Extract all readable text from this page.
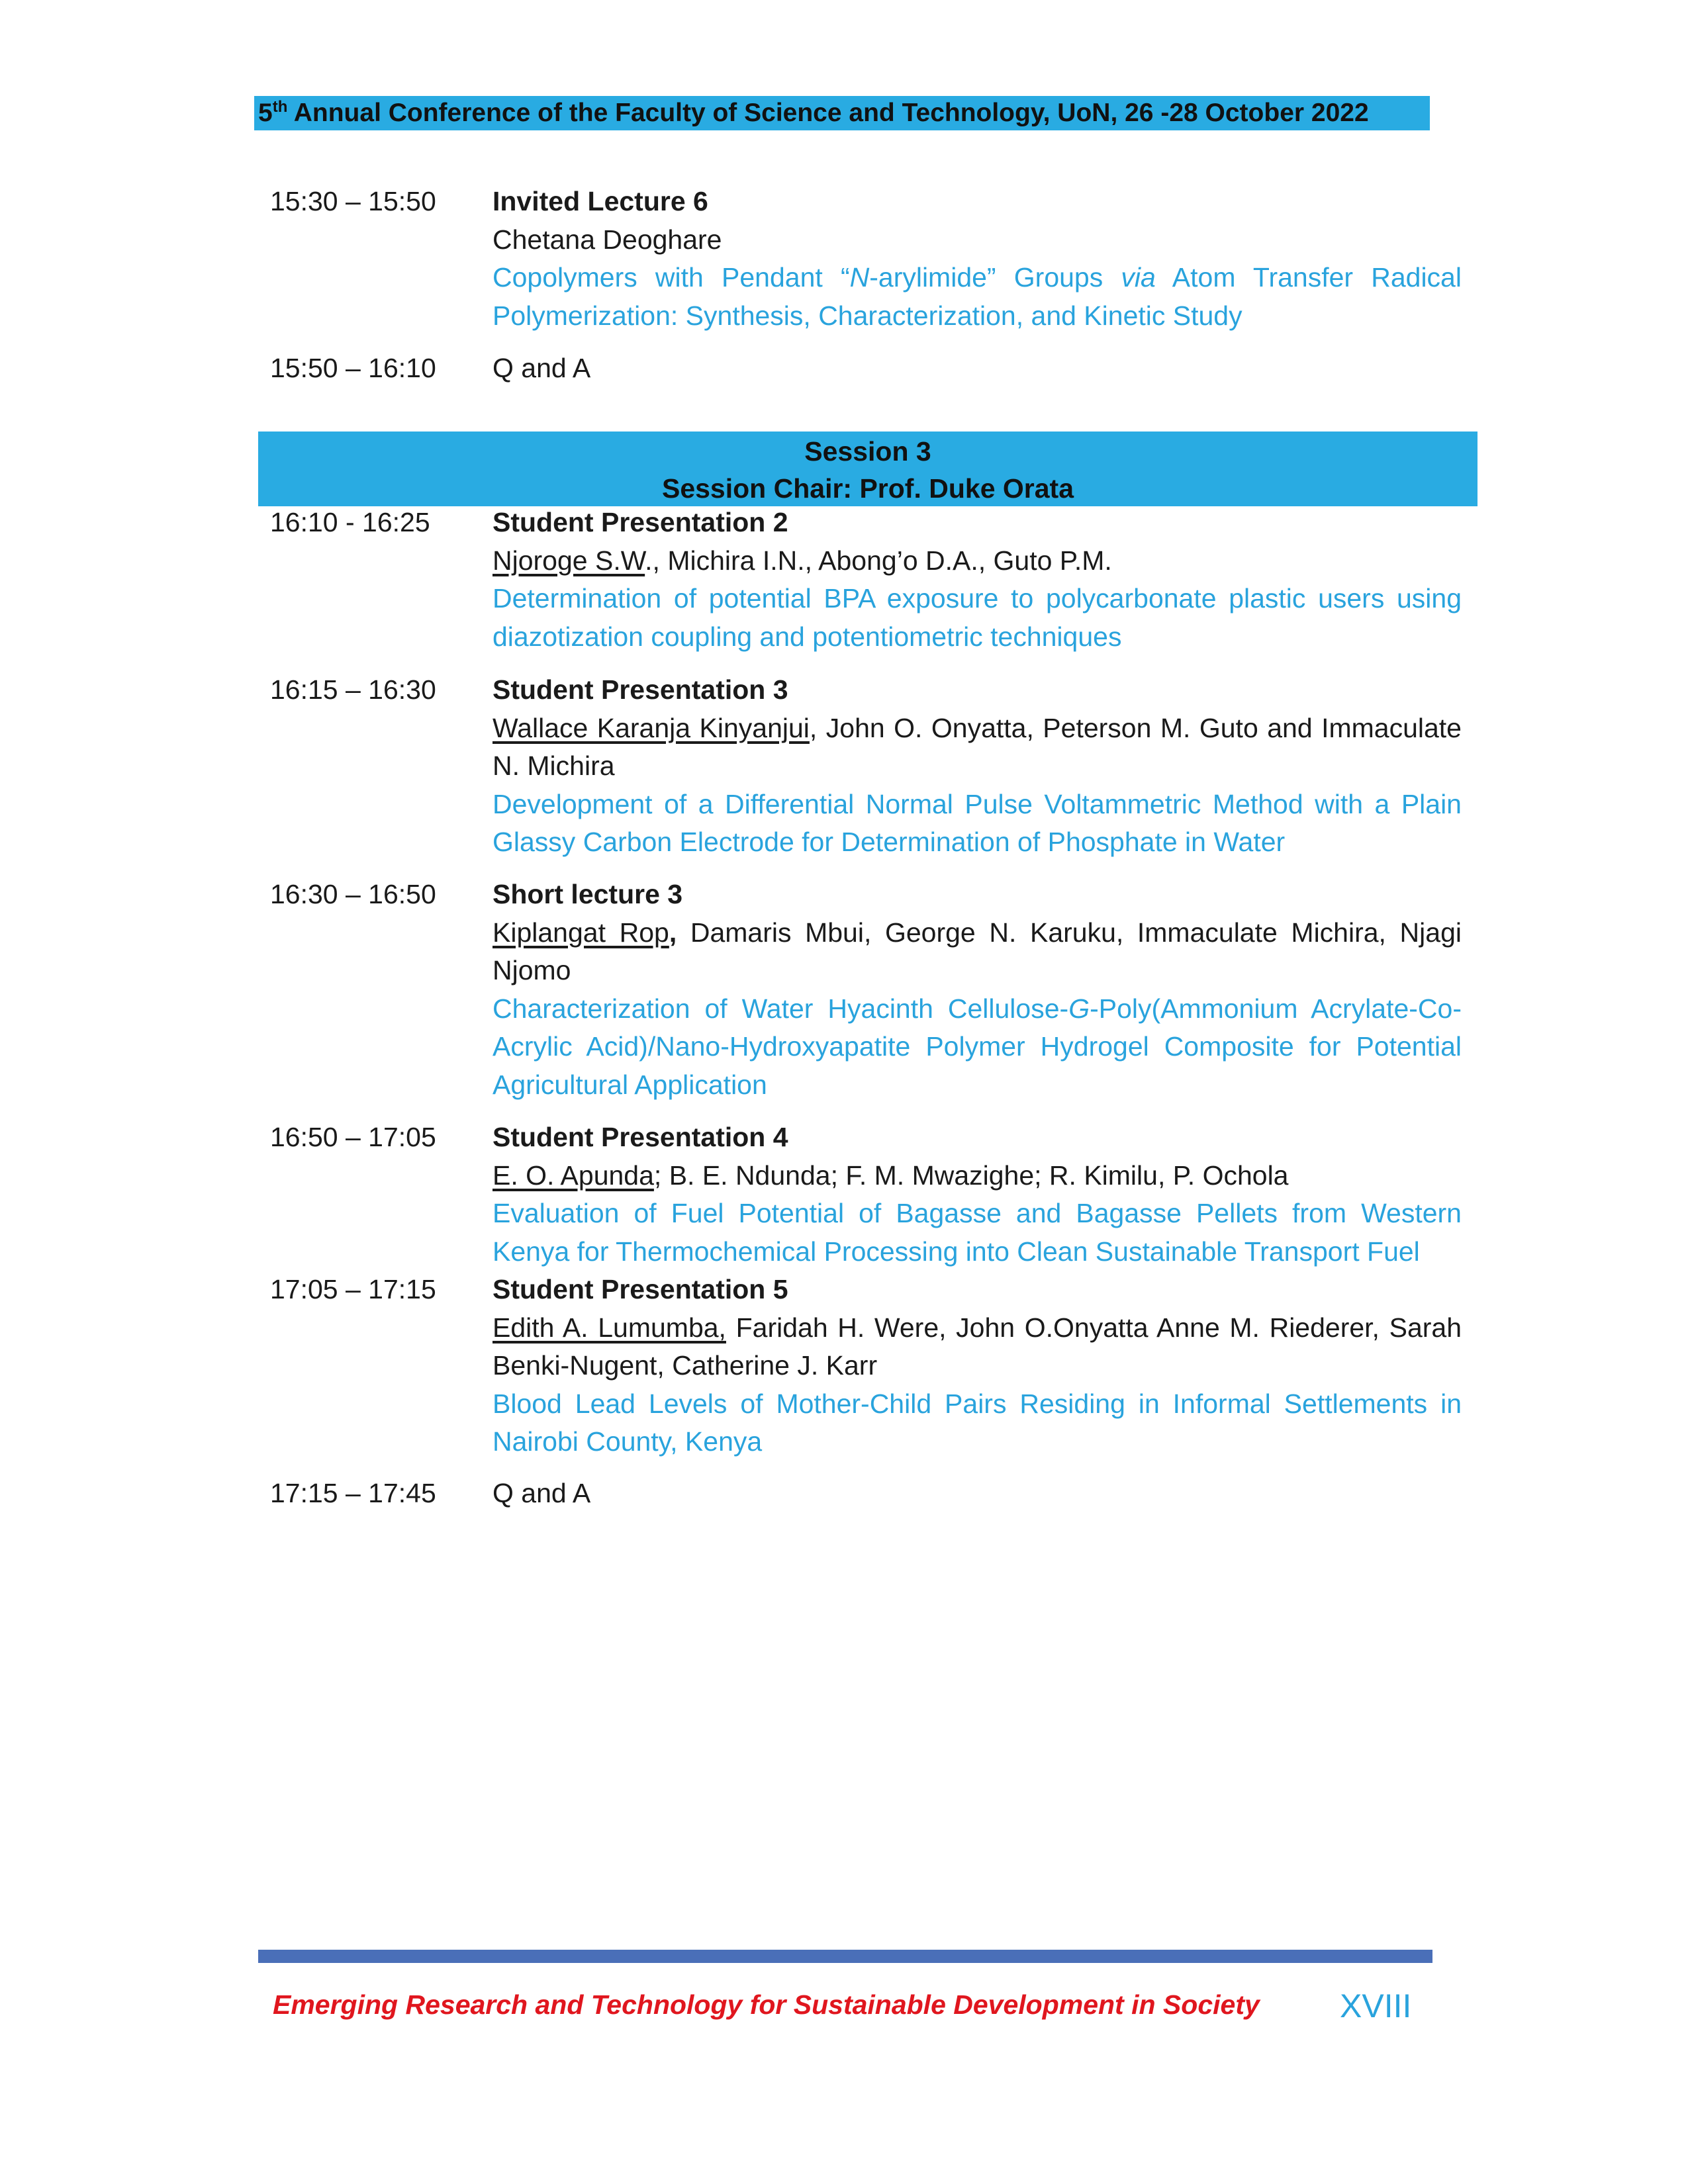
5th Annual Conference of the Faculty of Science and Technology, UoN, 26 -28 October 2022
15:30 – 15:50	Invited Lecture 6
Chetana Deoghare
Copolymers with Pendant “N-arylimide” Groups via Atom Transfer Radical Polymerization: Synthesis, Characterization, and Kinetic Study
15:50 – 16:10	Q and A
Session 3
Session Chair: Prof. Duke Orata
16:10 - 16:25	Student Presentation 2
Njoroge S.W., Michira I.N., Abong’o D.A., Guto P.M.
Determination of potential BPA exposure to polycarbonate plastic users using diazotization coupling and potentiometric techniques
16:15 – 16:30	Student Presentation 3
Wallace Karanja Kinyanjui, John O. Onyatta, Peterson M. Guto and Immaculate N. Michira
Development of a Differential Normal Pulse Voltammetric Method with a Plain Glassy Carbon Electrode for Determination of Phosphate in Water
16:30 – 16:50	Short lecture 3
Kiplangat Rop, Damaris Mbui, George N. Karuku, Immaculate Michira, Njagi Njomo
Characterization of Water Hyacinth Cellulose-G-Poly(Ammonium Acrylate-Co-Acrylic Acid)/Nano-Hydroxyapatite Polymer Hydrogel Composite for Potential Agricultural Application
16:50 – 17:05	Student Presentation 4
E. O. Apunda; B. E. Ndunda; F. M. Mwazighe; R. Kimilu, P. Ochola
Evaluation of Fuel Potential of Bagasse and Bagasse Pellets from Western Kenya for Thermochemical Processing into Clean Sustainable Transport Fuel
17:05 – 17:15	Student Presentation 5
Edith A. Lumumba, Faridah H. Were, John O.Onyatta Anne M. Riederer, Sarah Benki-Nugent, Catherine J. Karr
Blood Lead Levels of Mother-Child Pairs Residing in Informal Settlements in Nairobi County, Kenya
17:15 – 17:45	Q and A
Emerging Research and Technology for Sustainable Development in Society XVIII
